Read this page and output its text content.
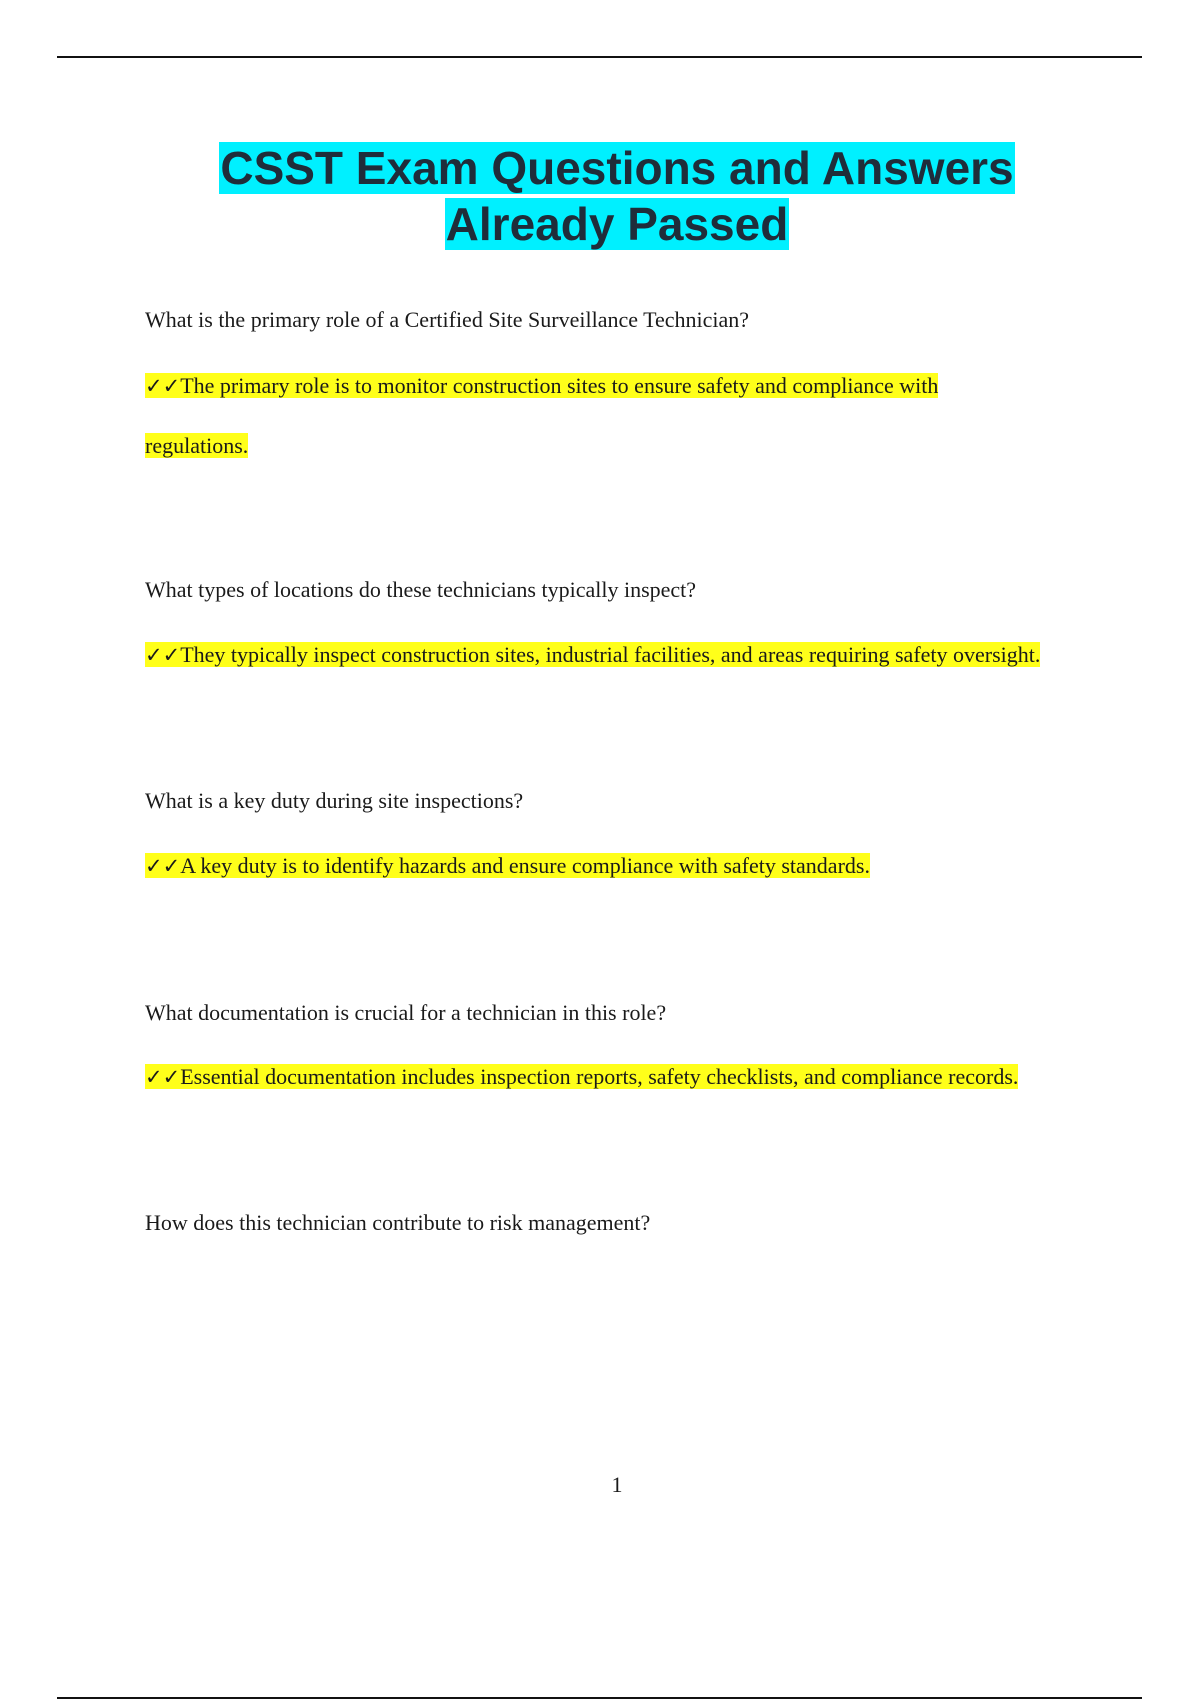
CSST Exam Questions and Answers
Already Passed

What is the primary role of a Certified Site Surveillance Technician?

✓✓The primary role is to monitor construction sites to ensure safety and compliance with regulations.

What types of locations do these technicians typically inspect?

✓✓They typically inspect construction sites, industrial facilities, and areas requiring safety oversight.

What is a key duty during site inspections?

✓✓A key duty is to identify hazards and ensure compliance with safety standards.

What documentation is crucial for a technician in this role?

✓✓Essential documentation includes inspection reports, safety checklists, and compliance records.

How does this technician contribute to risk management?

1
